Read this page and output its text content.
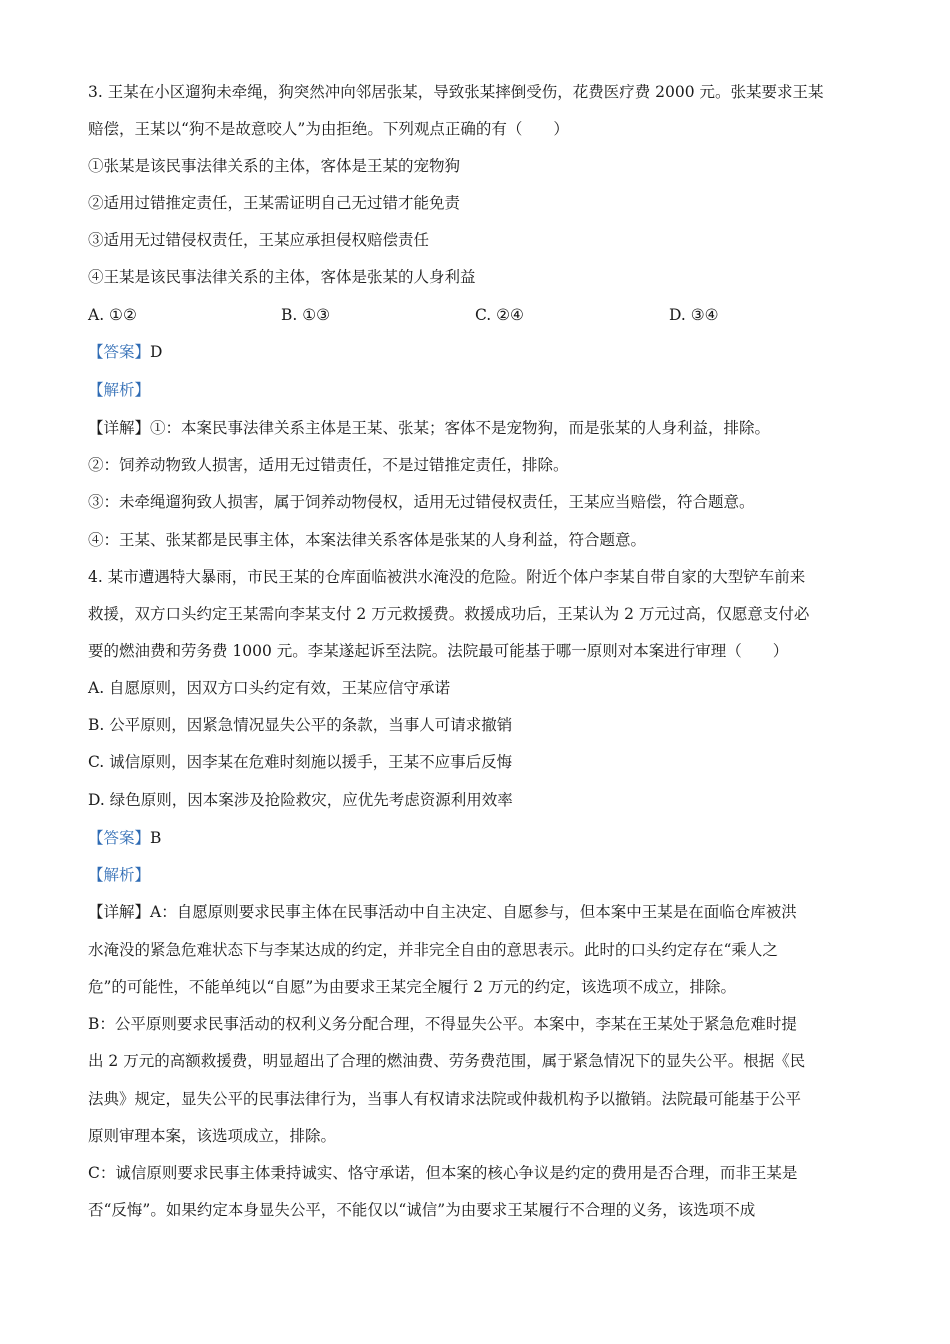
3. 王某在小区遛狗未牵绳，狗突然冲向邻居张某，导致张某摔倒受伤，花费医疗费 2000 元。张某要求王某
赔偿，王某以“狗不是故意咬人”为由拒绝。下列观点正确的有（　　）
①张某是该民事法律关系的主体，客体是王某的宠物狗
②适用过错推定责任，王某需证明自己无过错才能免责
③适用无过错侵权责任，王某应承担侵权赔偿责任
④王某是该民事法律关系的主体，客体是张某的人身利益
A. ①②	B. ①③	C. ②④	D. ③④
【答案】D
【解析】
【详解】①：本案民事法律关系主体是王某、张某；客体不是宠物狗，而是张某的人身利益，排除。
②：饲养动物致人损害，适用无过错责任，不是过错推定责任，排除。
③：未牵绳遛狗致人损害，属于饲养动物侵权，适用无过错侵权责任，王某应当赔偿，符合题意。
④：王某、张某都是民事主体，本案法律关系客体是张某的人身利益，符合题意。
4. 某市遭遇特大暴雨，市民王某的仓库面临被洪水淹没的危险。附近个体户李某自带自家的大型铲车前来
救援，双方口头约定王某需向李某支付 2 万元救援费。救援成功后，王某认为 2 万元过高，仅愿意支付必
要的燃油费和劳务费 1000 元。李某遂起诉至法院。法院最可能基于哪一原则对本案进行审理（　　）
A. 自愿原则，因双方口头约定有效，王某应信守承诺
B. 公平原则，因紧急情况显失公平的条款，当事人可请求撤销
C. 诚信原则，因李某在危难时刻施以援手，王某不应事后反悔
D. 绿色原则，因本案涉及抢险救灾，应优先考虑资源利用效率
【答案】B
【解析】
【详解】A：自愿原则要求民事主体在民事活动中自主决定、自愿参与，但本案中王某是在面临仓库被洪
水淹没的紧急危难状态下与李某达成的约定，并非完全自由的意思表示。此时的口头约定存在“乘人之
危”的可能性，不能单纯以“自愿”为由要求王某完全履行 2 万元的约定，该选项不成立，排除。
B：公平原则要求民事活动的权利义务分配合理，不得显失公平。本案中，李某在王某处于紧急危难时提
出 2 万元的高额救援费，明显超出了合理的燃油费、劳务费范围，属于紧急情况下的显失公平。根据《民
法典》规定，显失公平的民事法律行为，当事人有权请求法院或仲裁机构予以撤销。法院最可能基于公平
原则审理本案，该选项成立，排除。
C：诚信原则要求民事主体秉持诚实、恪守承诺，但本案的核心争议是约定的费用是否合理，而非王某是
否“反悔”。如果约定本身显失公平，不能仅以“诚信”为由要求王某履行不合理的义务，该选项不成
